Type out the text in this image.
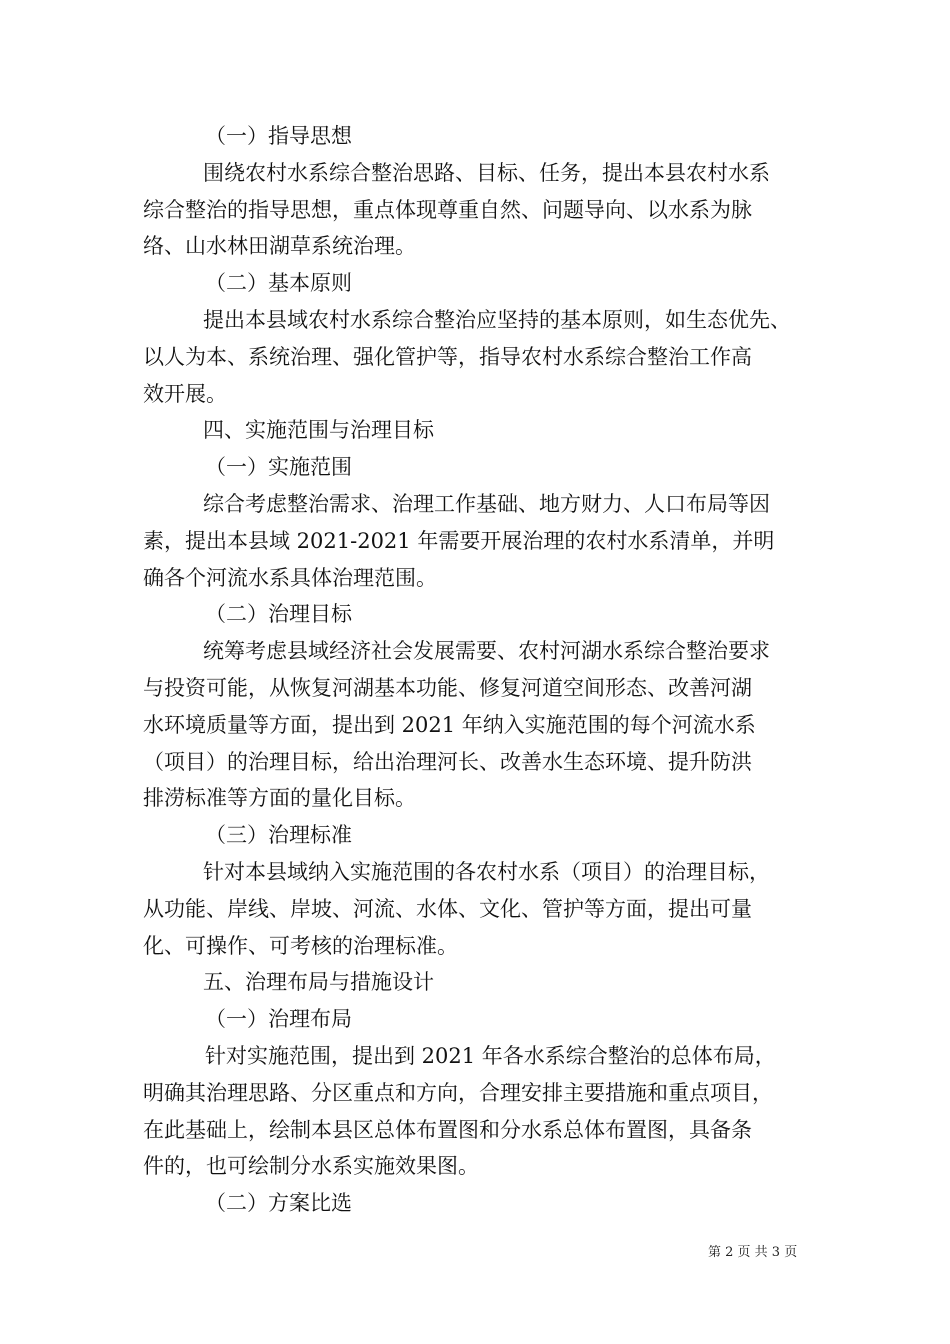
（一）指导思想

围绕农村水系综合整治思路、目标、任务，提出本县农村水系

综合整治的指导思想，重点体现尊重自然、问题导向、以水系为脉

络、山水林田湖草系统治理。

（二）基本原则

提出本县域农村水系综合整治应坚持的基本原则，如生态优先、

以人为本、系统治理、强化管护等，指导农村水系综合整治工作高

效开展。

四、实施范围与治理目标

（一）实施范围

综合考虑整治需求、治理工作基础、地方财力、人口布局等因

素，提出本县域 2021-2021 年需要开展治理的农村水系清单，并明

确各个河流水系具体治理范围。

（二）治理目标

统筹考虑县域经济社会发展需要、农村河湖水系综合整治要求

与投资可能，从恢复河湖基本功能、修复河道空间形态、改善河湖

水环境质量等方面，提出到 2021 年纳入实施范围的每个河流水系

（项目）的治理目标，给出治理河长、改善水生态环境、提升防洪

排涝标准等方面的量化目标。

（三）治理标准

针对本县域纳入实施范围的各农村水系（项目）的治理目标，

从功能、岸线、岸坡、河流、水体、文化、管护等方面，提出可量

化、可操作、可考核的治理标准。

五、治理布局与措施设计

（一）治理布局

针对实施范围，提出到 2021 年各水系综合整治的总体布局，

明确其治理思路、分区重点和方向，合理安排主要措施和重点项目，

在此基础上，绘制本县区总体布置图和分水系总体布置图，具备条

件的，也可绘制分水系实施效果图。

（二）方案比选

第 2 页 共 3 页
